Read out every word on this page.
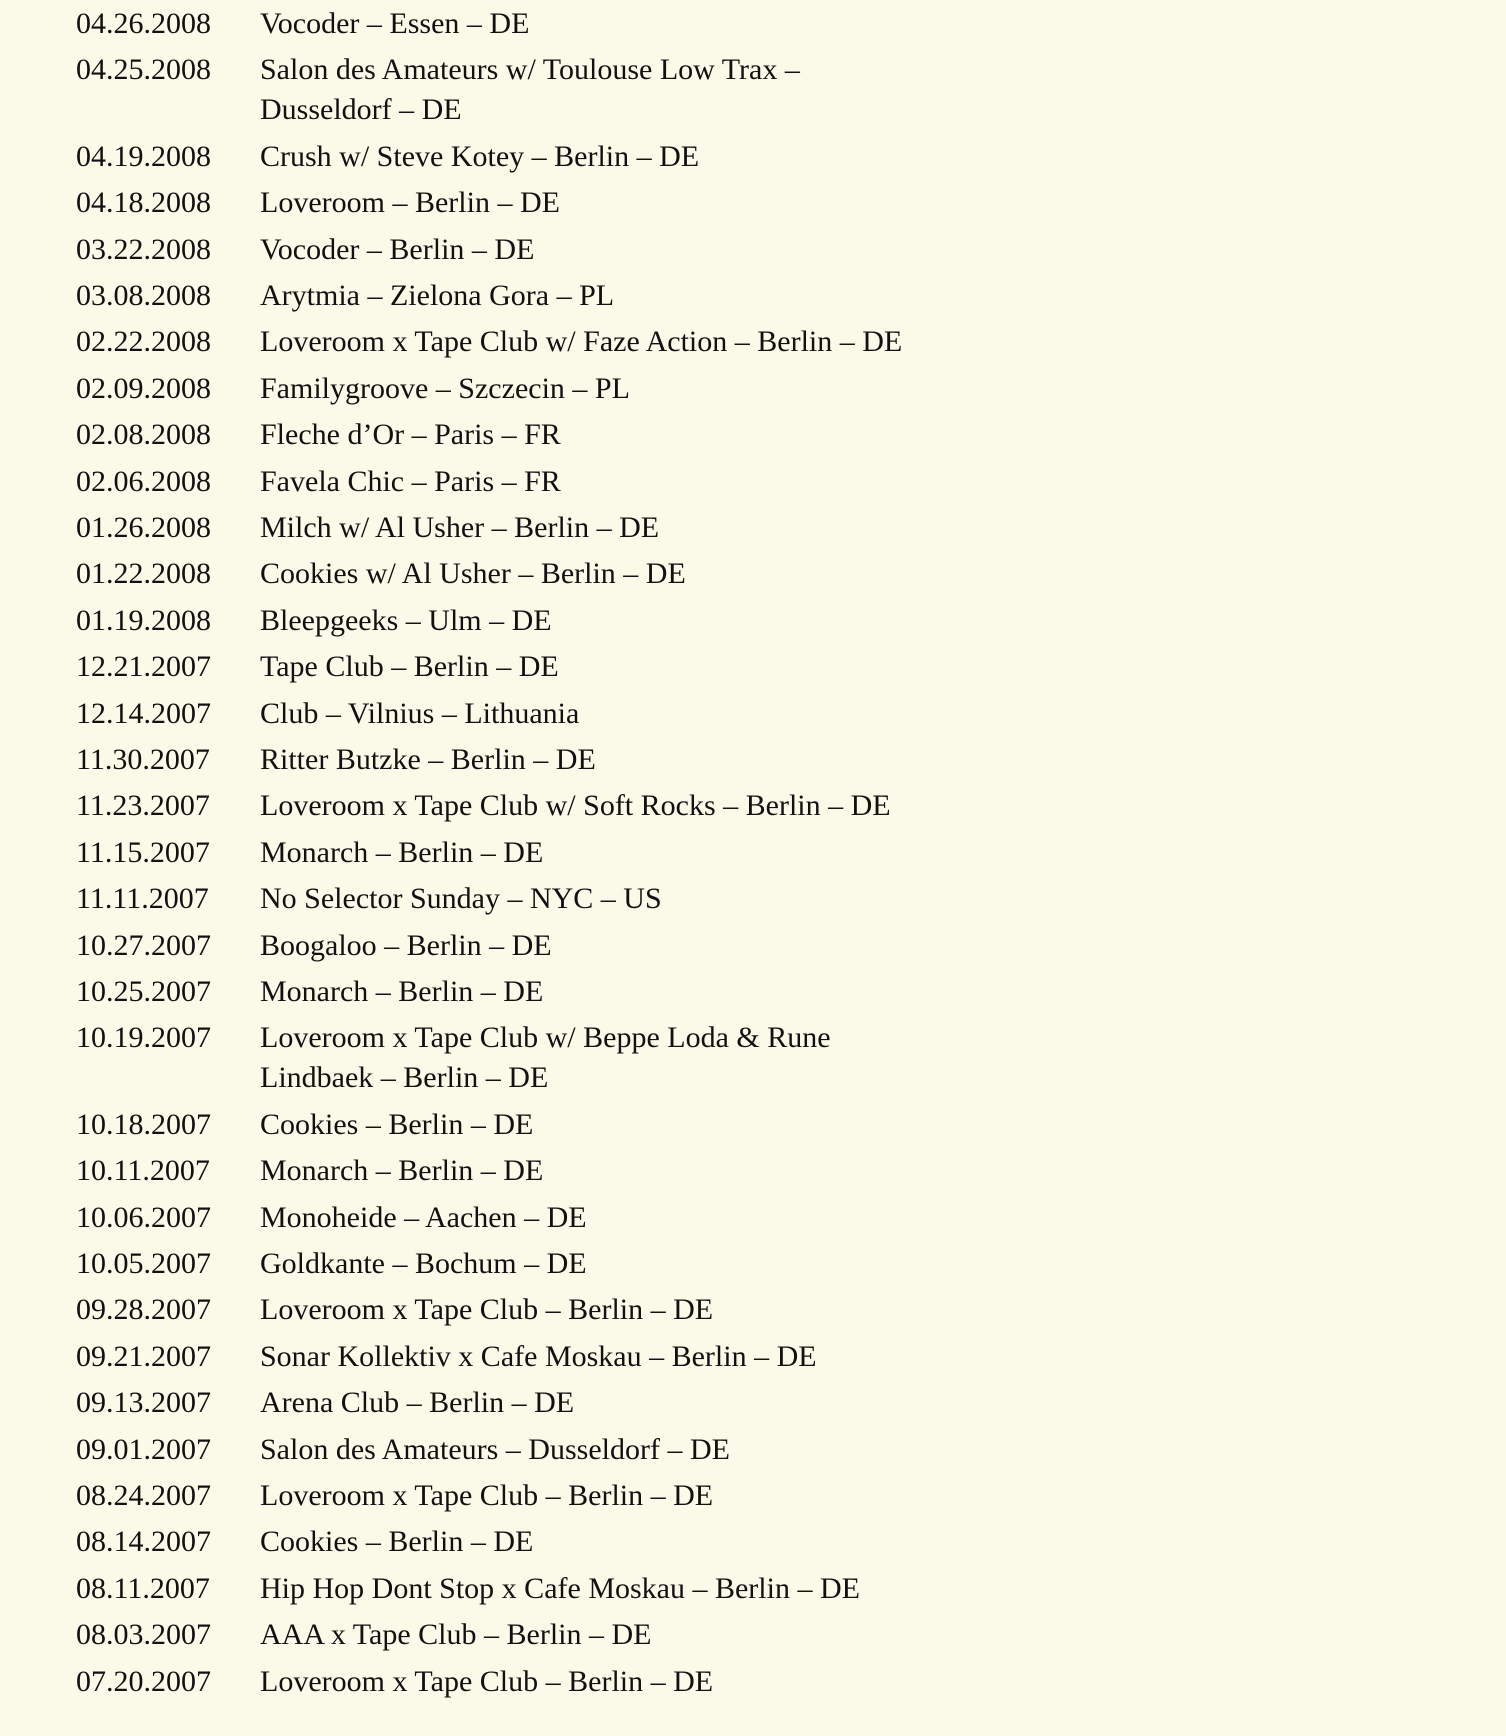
04.26.2008 Vocoder – Essen – DE
04.25.2008 Salon des Amateurs w/ Toulouse Low Trax –
Dusseldorf – DE
04.19.2008 Crush w/ Steve Kotey – Berlin – DE
04.18.2008 Loveroom – Berlin – DE
03.22.2008 Vocoder – Berlin – DE
03.08.2008 Arytmia – Zielona Gora – PL
02.22.2008 Loveroom x Tape Club w/ Faze Action – Berlin – DE
02.09.2008 Familygroove – Szczecin – PL
02.08.2008 Fleche d’Or – Paris – FR
02.06.2008 Favela Chic – Paris – FR
01.26.2008 Milch w/ Al Usher – Berlin – DE
01.22.2008 Cookies w/ Al Usher – Berlin – DE
01.19.2008 Bleepgeeks – Ulm – DE
12.21.2007 Tape Club – Berlin – DE
12.14.2007 Club – Vilnius – Lithuania
11.30.2007 Ritter Butzke – Berlin – DE
11.23.2007 Loveroom x Tape Club w/ Soft Rocks – Berlin – DE
11.15.2007 Monarch – Berlin – DE
11.11.2007 No Selector Sunday – NYC – US
10.27.2007 Boogaloo – Berlin – DE
10.25.2007 Monarch – Berlin – DE
10.19.2007 Loveroom x Tape Club w/ Beppe Loda & Rune
Lindbaek – Berlin – DE
10.18.2007 Cookies – Berlin – DE
10.11.2007 Monarch – Berlin – DE
10.06.2007 Monoheide – Aachen – DE
10.05.2007 Goldkante – Bochum – DE
09.28.2007 Loveroom x Tape Club – Berlin – DE
09.21.2007 Sonar Kollektiv x Cafe Moskau – Berlin – DE
09.13.2007 Arena Club – Berlin – DE
09.01.2007 Salon des Amateurs – Dusseldorf – DE
08.24.2007 Loveroom x Tape Club – Berlin – DE
08.14.2007 Cookies – Berlin – DE
08.11.2007 Hip Hop Dont Stop x Cafe Moskau – Berlin – DE
08.03.2007 AAA x Tape Club – Berlin – DE
07.20.2007 Loveroom x Tape Club – Berlin – DE
